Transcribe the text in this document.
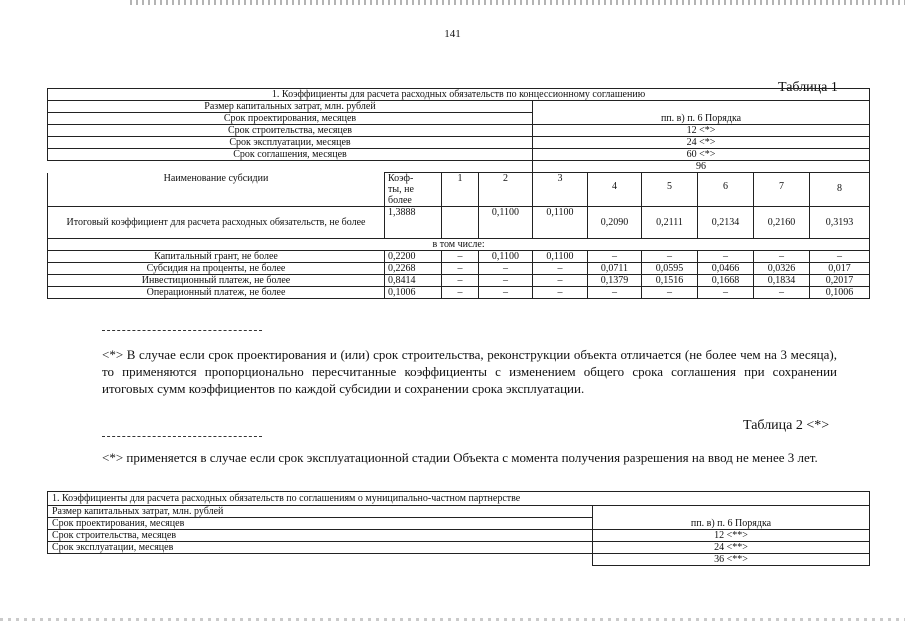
141
Таблица 1
1. Коэффициенты для расчета расходных обязательств по концессионному соглашению									
Размер капитальных затрат, млн. рублей									
Срок проектирования, месяцев				пп. в) п. 6 Порядка					
Срок строительства, месяцев				12 <*>					
Срок эксплуатации, месяцев				24 <*>					
Срок соглашения, месяцев				60 <*>					
				96					
Наименование субсидии	Коэф-
ты, не
более	1	2	3	4	5	6	7	8
Итоговый коэффициент для расчета расходных обязательств, не более	1,3888		0,1100	0,1100	0,2090	0,2111	0,2134	0,2160	0,3193
в том числе:									
Капитальный грант, не более	0,2200	–	0,1100	0,1100	–	–	–	–	–
Субсидия на проценты, не более	0,2268	–	–	–	0,0711	0,0595	0,0466	0,0326	0,017
Инвестиционный платеж, не более	0,8414	–	–	–	0,1379	0,1516	0,1668	0,1834	0,2017
Операционный платеж, не более	0,1006	–	–	–	–	–	–	–	0,1006
<*> В случае если срок проектирования и (или) срок строительства, реконструкции объекта отличается (не более чем на 3 месяца), то применяются пропорционально пересчитанные коэффициенты с изменением общего срока соглашения при сохранении итоговых сумм коэффициентов по каждой субсидии и сохранении срока эксплуатации.
Таблица 2 <*>
<*> применяется в случае если срок эксплуатационной стадии Объекта с момента получения разрешения на ввод не менее 3 лет.
1. Коэффициенты для расчета расходных обязательств по соглашениям о муниципально-частном партнерстве	
Размер капитальных затрат, млн. рублей	
Срок проектирования, месяцев	пп. в) п. 6 Порядка
Срок строительства, месяцев	12 <**>
Срок эксплуатации, месяцев	24 <**>
	36 <**>
